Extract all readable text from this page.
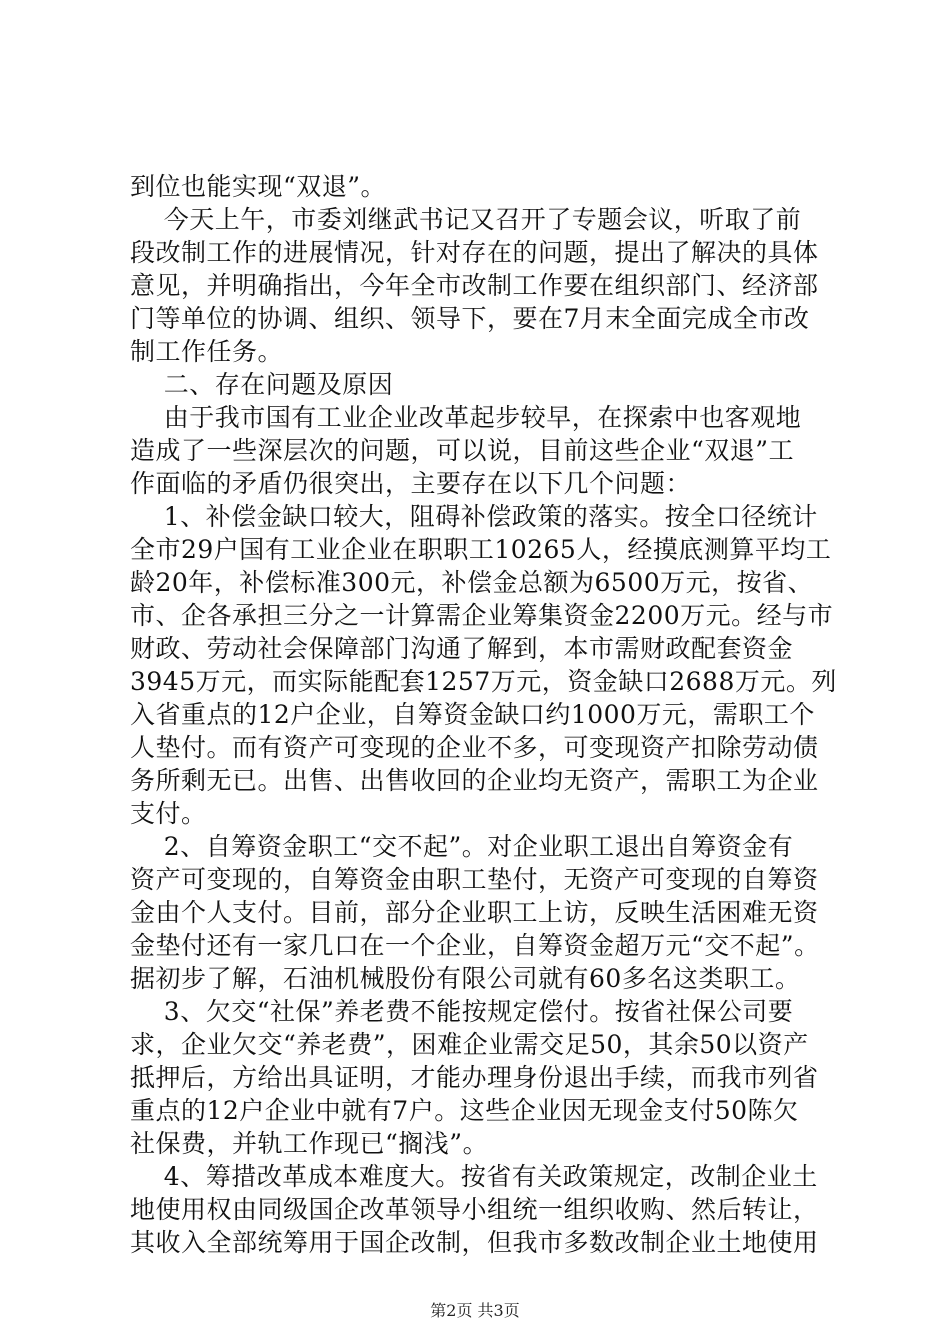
到位也能实现“双退”。
今天上午，市委刘继武书记又召开了专题会议，听取了前
段改制工作的进展情况，针对存在的问题，提出了解决的具体
意见，并明确指出，今年全市改制工作要在组织部门、经济部
门等单位的协调、组织、领导下，要在7月末全面完成全市改
制工作任务。
二、存在问题及原因
由于我市国有工业企业改革起步较早，在探索中也客观地
造成了一些深层次的问题，可以说，目前这些企业“双退”工
作面临的矛盾仍很突出，主要存在以下几个问题：
1、补偿金缺口较大，阻碍补偿政策的落实。按全口径统计
全市29户国有工业企业在职职工10265人，经摸底测算平均工
龄20年，补偿标准300元，补偿金总额为6500万元，按省、
市、企各承担三分之一计算需企业筹集资金2200万元。经与市
财政、劳动社会保障部门沟通了解到，本市需财政配套资金
3945万元，而实际能配套1257万元，资金缺口2688万元。列
入省重点的12户企业，自筹资金缺口约1000万元，需职工个
人垫付。而有资产可变现的企业不多，可变现资产扣除劳动债
务所剩无已。出售、出售收回的企业均无资产，需职工为企业
支付。
2、自筹资金职工“交不起”。对企业职工退出自筹资金有
资产可变现的，自筹资金由职工垫付，无资产可变现的自筹资
金由个人支付。目前，部分企业职工上访，反映生活困难无资
金垫付还有一家几口在一个企业，自筹资金超万元“交不起”。
据初步了解，石油机械股份有限公司就有60多名这类职工。
3、欠交“社保”养老费不能按规定偿付。按省社保公司要
求，企业欠交“养老费”，困难企业需交足50，其余50以资产
抵押后，方给出具证明，才能办理身份退出手续，而我市列省
重点的12户企业中就有7户。这些企业因无现金支付50陈欠
社保费，并轨工作现已“搁浅”。
4、筹措改革成本难度大。按省有关政策规定，改制企业土
地使用权由同级国企改革领导小组统一组织收购、然后转让，
其收入全部统筹用于国企改制，但我市多数改制企业土地使用
第2页 共3页
